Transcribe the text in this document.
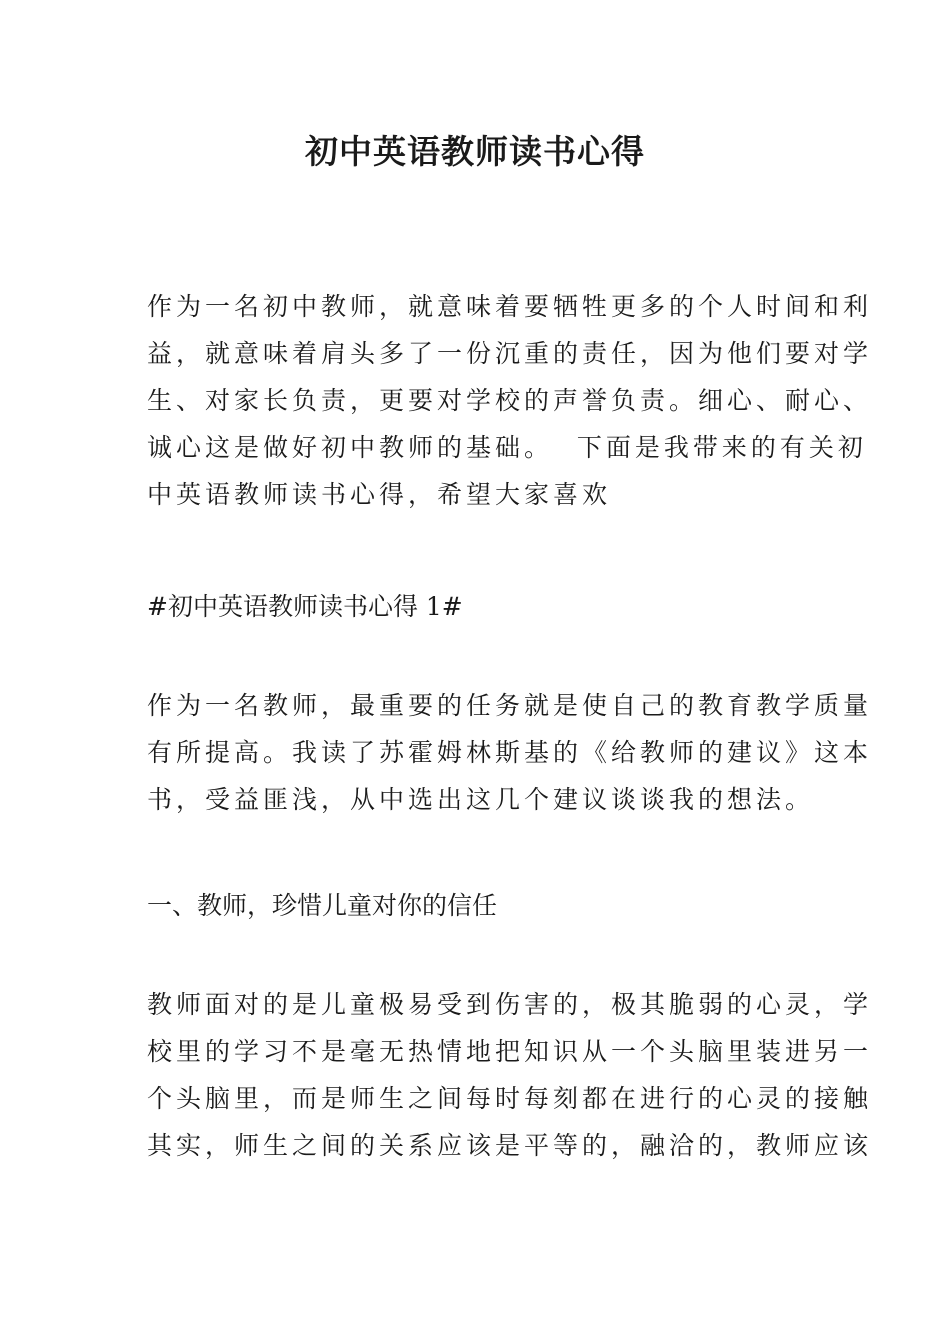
初中英语教师读书心得
作为一名初中教师，就意味着要牺牲更多的个人时间和利
益，就意味着肩头多了一份沉重的责任，因为他们要对学
生、对家长负责，更要对学校的声誉负责。细心、耐心、
诚心这是做好初中教师的基础。  下面是我带来的有关初
中英语教师读书心得，希望大家喜欢
#初中英语教师读书心得 1#
作为一名教师，最重要的任务就是使自己的教育教学质量
有所提高。我读了苏霍姆林斯基的《给教师的建议》这本
书，受益匪浅，从中选出这几个建议谈谈我的想法。
一、教师，珍惜儿童对你的信任
教师面对的是儿童极易受到伤害的，极其脆弱的心灵，学
校里的学习不是毫无热情地把知识从一个头脑里装进另一
个头脑里，而是师生之间每时每刻都在进行的心灵的接触
其实，师生之间的关系应该是平等的，融洽的，教师应该
